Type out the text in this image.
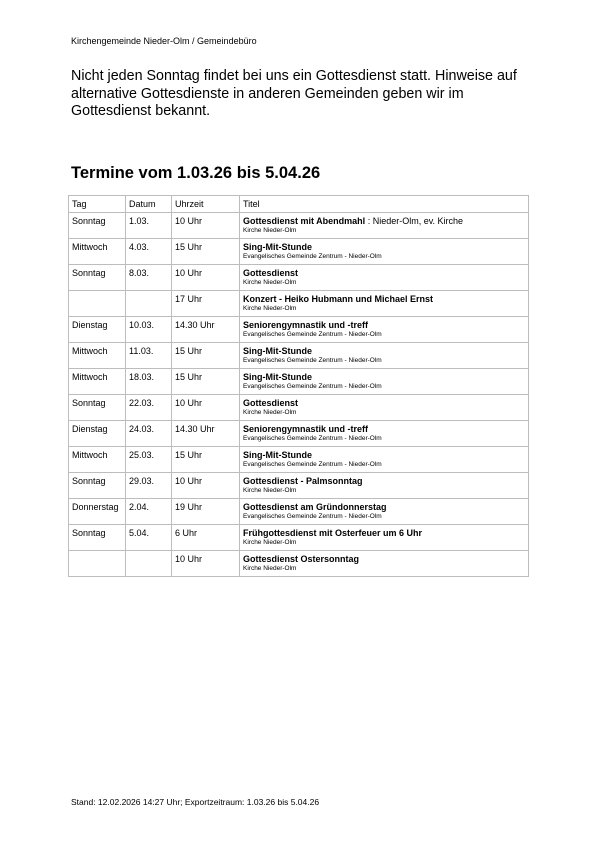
Kirchengemeinde Nieder-Olm / Gemeindebüro
Nicht jeden Sonntag findet bei uns ein Gottesdienst statt. Hinweise auf alternative Gottesdienste in anderen Gemeinden geben wir im Gottesdienst bekannt.
Termine vom 1.03.26 bis 5.04.26
Tag	Datum	Uhrzeit	Titel
Sonntag	1.03.	10 Uhr	Gottesdienst mit Abendmahl : Nieder-Olm, ev. Kirche
Kirche Nieder-Olm

Mittwoch	4.03.	15 Uhr	Sing-Mit-Stunde
Evangelisches Gemeinde Zentrum - Nieder-Olm

Sonntag	8.03.	10 Uhr	Gottesdienst
Kirche Nieder-Olm

		17 Uhr	Konzert - Heiko Hubmann und Michael Ernst
Kirche Nieder-Olm

Dienstag	10.03.	14.30 Uhr	Seniorengymnastik und -treff
Evangelisches Gemeinde Zentrum - Nieder-Olm

Mittwoch	11.03.	15 Uhr	Sing-Mit-Stunde
Evangelisches Gemeinde Zentrum - Nieder-Olm

Mittwoch	18.03.	15 Uhr	Sing-Mit-Stunde
Evangelisches Gemeinde Zentrum - Nieder-Olm

Sonntag	22.03.	10 Uhr	Gottesdienst
Kirche Nieder-Olm

Dienstag	24.03.	14.30 Uhr	Seniorengymnastik und -treff
Evangelisches Gemeinde Zentrum - Nieder-Olm

Mittwoch	25.03.	15 Uhr	Sing-Mit-Stunde
Evangelisches Gemeinde Zentrum - Nieder-Olm

Sonntag	29.03.	10 Uhr	Gottesdienst - Palmsonntag
Kirche Nieder-Olm

Donnerstag	2.04.	19 Uhr	Gottesdienst am Gründonnerstag
Evangelisches Gemeinde Zentrum - Nieder-Olm

Sonntag	5.04.	6 Uhr	Frühgottesdienst mit Osterfeuer um 6 Uhr
Kirche Nieder-Olm

		10 Uhr	Gottesdienst Ostersonntag
Kirche Nieder-Olm
Stand: 12.02.2026 14:27 Uhr; Exportzeitraum: 1.03.26 bis 5.04.26
